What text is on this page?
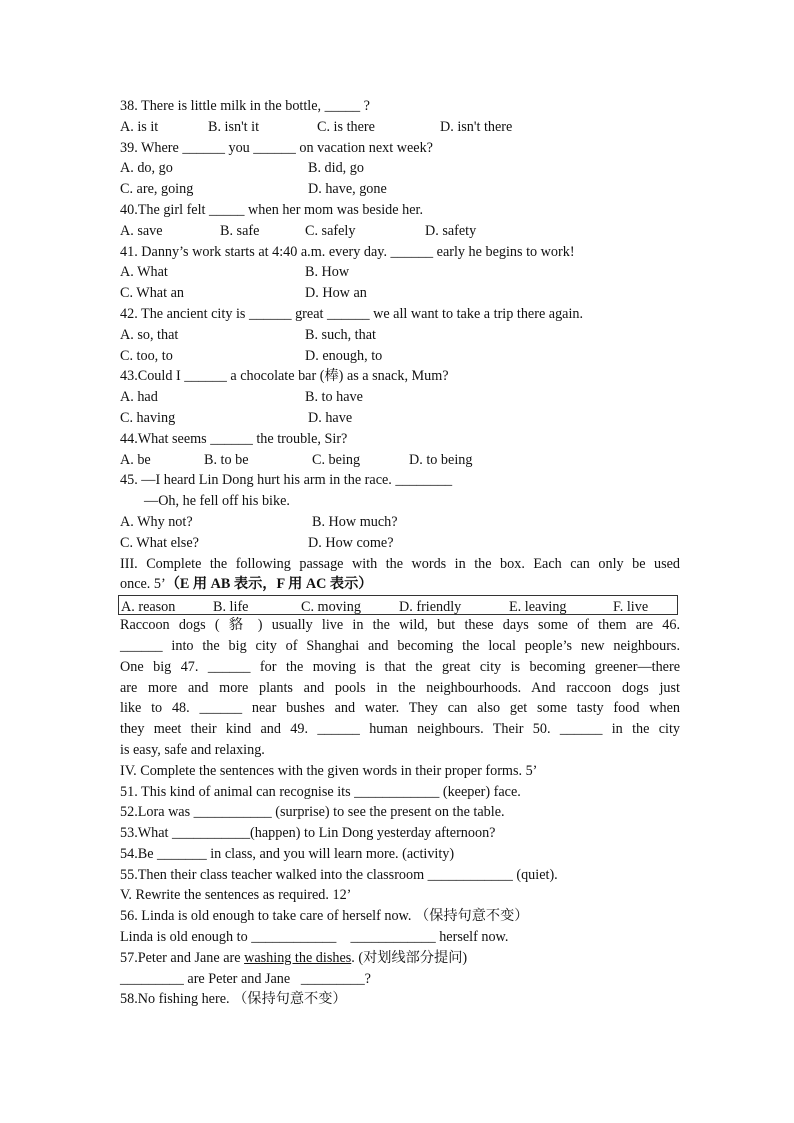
38. There is little milk in the bottle, _____ ?
A. is it	B. isn't it	C. is there	D. isn't there
39. Where ______ you ______ on vacation next week?
A. do, go	B. did, go
C. are, going	D. have, gone
40.The girl felt _____ when her mom was beside her.
A. save	B. safe	C. safely	D. safety
41. Danny’s work starts at 4:40 a.m. every day. ______ early he begins to work!
A. What	B. How
C. What an	D. How an
42. The ancient city is ______ great ______ we all want to take a trip there again.
A. so, that	B. such, that
C. too, to	D. enough, to
43.Could I ______ a chocolate bar (棒) as a snack, Mum?
A. had	B. to have
C. having	D. have
44.What seems ______ the trouble, Sir?
A. be	B. to be	C. being	D. to being
45. —I heard Lin Dong hurt his arm in the race. ________
—Oh, he fell off his bike.
A. Why not?	B. How much?
C. What else?	D. How come?
III. Complete the following passage with the words in the box. Each can only be used
once. 5’（E 用 AB 表示，F 用 AC 表示）
A. reason	B. life	C. moving	D. friendly	E. leaving	F. live
Raccoon dogs ( 貉 ) usually live in the wild, but these days some of them are 46.
______ into the big city of Shanghai and becoming the local people’s new neighbours.
One big 47. ______ for the moving is that the great city is becoming greener—there
are more and more plants and pools in the neighbourhoods. And raccoon dogs just
like to 48. ______ near bushes and water. They can also get some tasty food when
they meet their kind and 49. ______ human neighbours. Their 50. ______ in the city
is easy, safe and relaxing.
IV. Complete the sentences with the given words in their proper forms. 5’
51. This kind of animal can recognise its ____________ (keeper) face.
52.Lora was ___________ (surprise) to see the present on the table.
53.What ___________(happen) to Lin Dong yesterday afternoon?
54.Be _______ in class, and you will learn more. (activity)
55.Then their class teacher walked into the classroom ____________ (quiet).
V. Rewrite the sentences as required. 12’
56. Linda is old enough to take care of herself now. （保持句意不变）
Linda is old enough to ____________    ____________ herself now.
57.Peter and Jane are washing the dishes. (对划线部分提问)
_________ are Peter and Jane   _________?
58.No fishing here. （保持句意不变）
